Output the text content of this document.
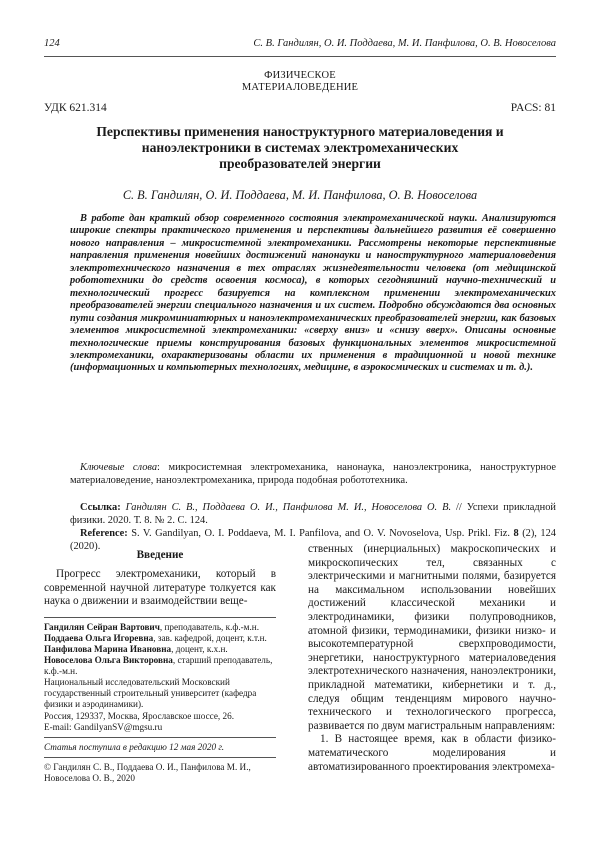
124	С. В. Гандилян, О. И. Поддаева, М. И. Панфилова, О. В. Новоселова
ФИЗИЧЕСКОЕ
МАТЕРИАЛОВЕДЕНИЕ
УДК 621.314	PACS: 81
Перспективы применения наноструктурного материаловедения и наноэлектроники в системах электромеханических преобразователей энергии
С. В. Гандилян, О. И. Поддаева, М. И. Панфилова, О. В. Новоселова

В работе дан краткий обзор современного состояния электромеханической науки. Анализируются широкие спектры практического применения и перспективы дальнейшего развития её совершенно нового направления – микросистемной электромеханики. Рассмотрены некоторые перспективные направления применения новейших достижений нанонауки и наноструктурного материаловедения электротехнического назначения в тех отраслях жизнедеятельности человека (от медицинской робототехники до средств освоения космоса), в которых сегодняшний научно-технический и технологический прогресс базируется на комплексном применении электромеханических преобразователей энергии специального назначения и их систем. Подробно обсуждаются два основных пути создания микроминиатюрных и наноэлектромеханических преобразователей энергии, как базовых элементов микросистемной электромеханики: «сверху вниз» и «снизу вверх». Описаны основные технологические приемы конструирования базовых функциональных элементов микросистемной электромеханики, охарактеризованы области их применения в традиционной и новой технике (информационных и компьютерных технологиях, медицине, в аэрокосмических и системах и т. д.).

Ключевые слова: микросистемная электромеханика, нанонаука, наноэлектроника, наноструктурное материаловедение, наноэлектромеханика, природа подобная робототехника.
Ссылка: Гандилян С. В., Поддаева О. И., Панфилова М. И., Новоселова О. В. // Успехи прикладной физики. 2020. Т. 8. № 2. С. 124.
Reference: S. V. Gandilyan, O. I. Poddaeva, M. I. Panfilova, and O. V. Novoselova, Usp. Prikl. Fiz. 8 (2), 124 (2020).
Введение

Прогресс электромеханики, который в современной научной литературе толкуется как наука о движении и взаимодействии веще-

Гандилян Сейран Вартович, преподаватель, к.ф.-м.н.
Поддаева Ольга Игоревна, зав. кафедрой, доцент, к.т.н.
Панфилова Марина Ивановна, доцент, к.х.н.
Новоселова Ольга Викторовна, старший преподаватель, к.ф.-м.н.
Национальный исследовательский Московский государственный строительный университет (кафедра физики и аэродинамики).
Россия, 129337, Москва, Ярославское шоссе, 26.
E-mail: GandilyanSV@mgsu.ru
Статья поступила в редакцию 12 мая 2020 г.
© Гандилян С. В., Поддаева О. И., Панфилова М. И., Новоселова О. В., 2020

ственных (инерциальных) макроскопических и микроскопических тел, связанных с электрическими и магнитными полями, базируется на максимальном использовании новейших достижений классической механики и электродинамики, физики полупроводников, атомной физики, термодинамики, физики низко- и высокотемпературной сверхпроводимости, энергетики, наноструктурного материаловедения электротехнического назначения, наноэлектроники, прикладной математики, кибернетики и т. д., следуя общим тенденциям мирового научно-технического и технологического прогресса, развивается по двум магистральным направлениям:

1. В настоящее время, как в области физико-математического моделирования и автоматизированного проектирования электромеха-
